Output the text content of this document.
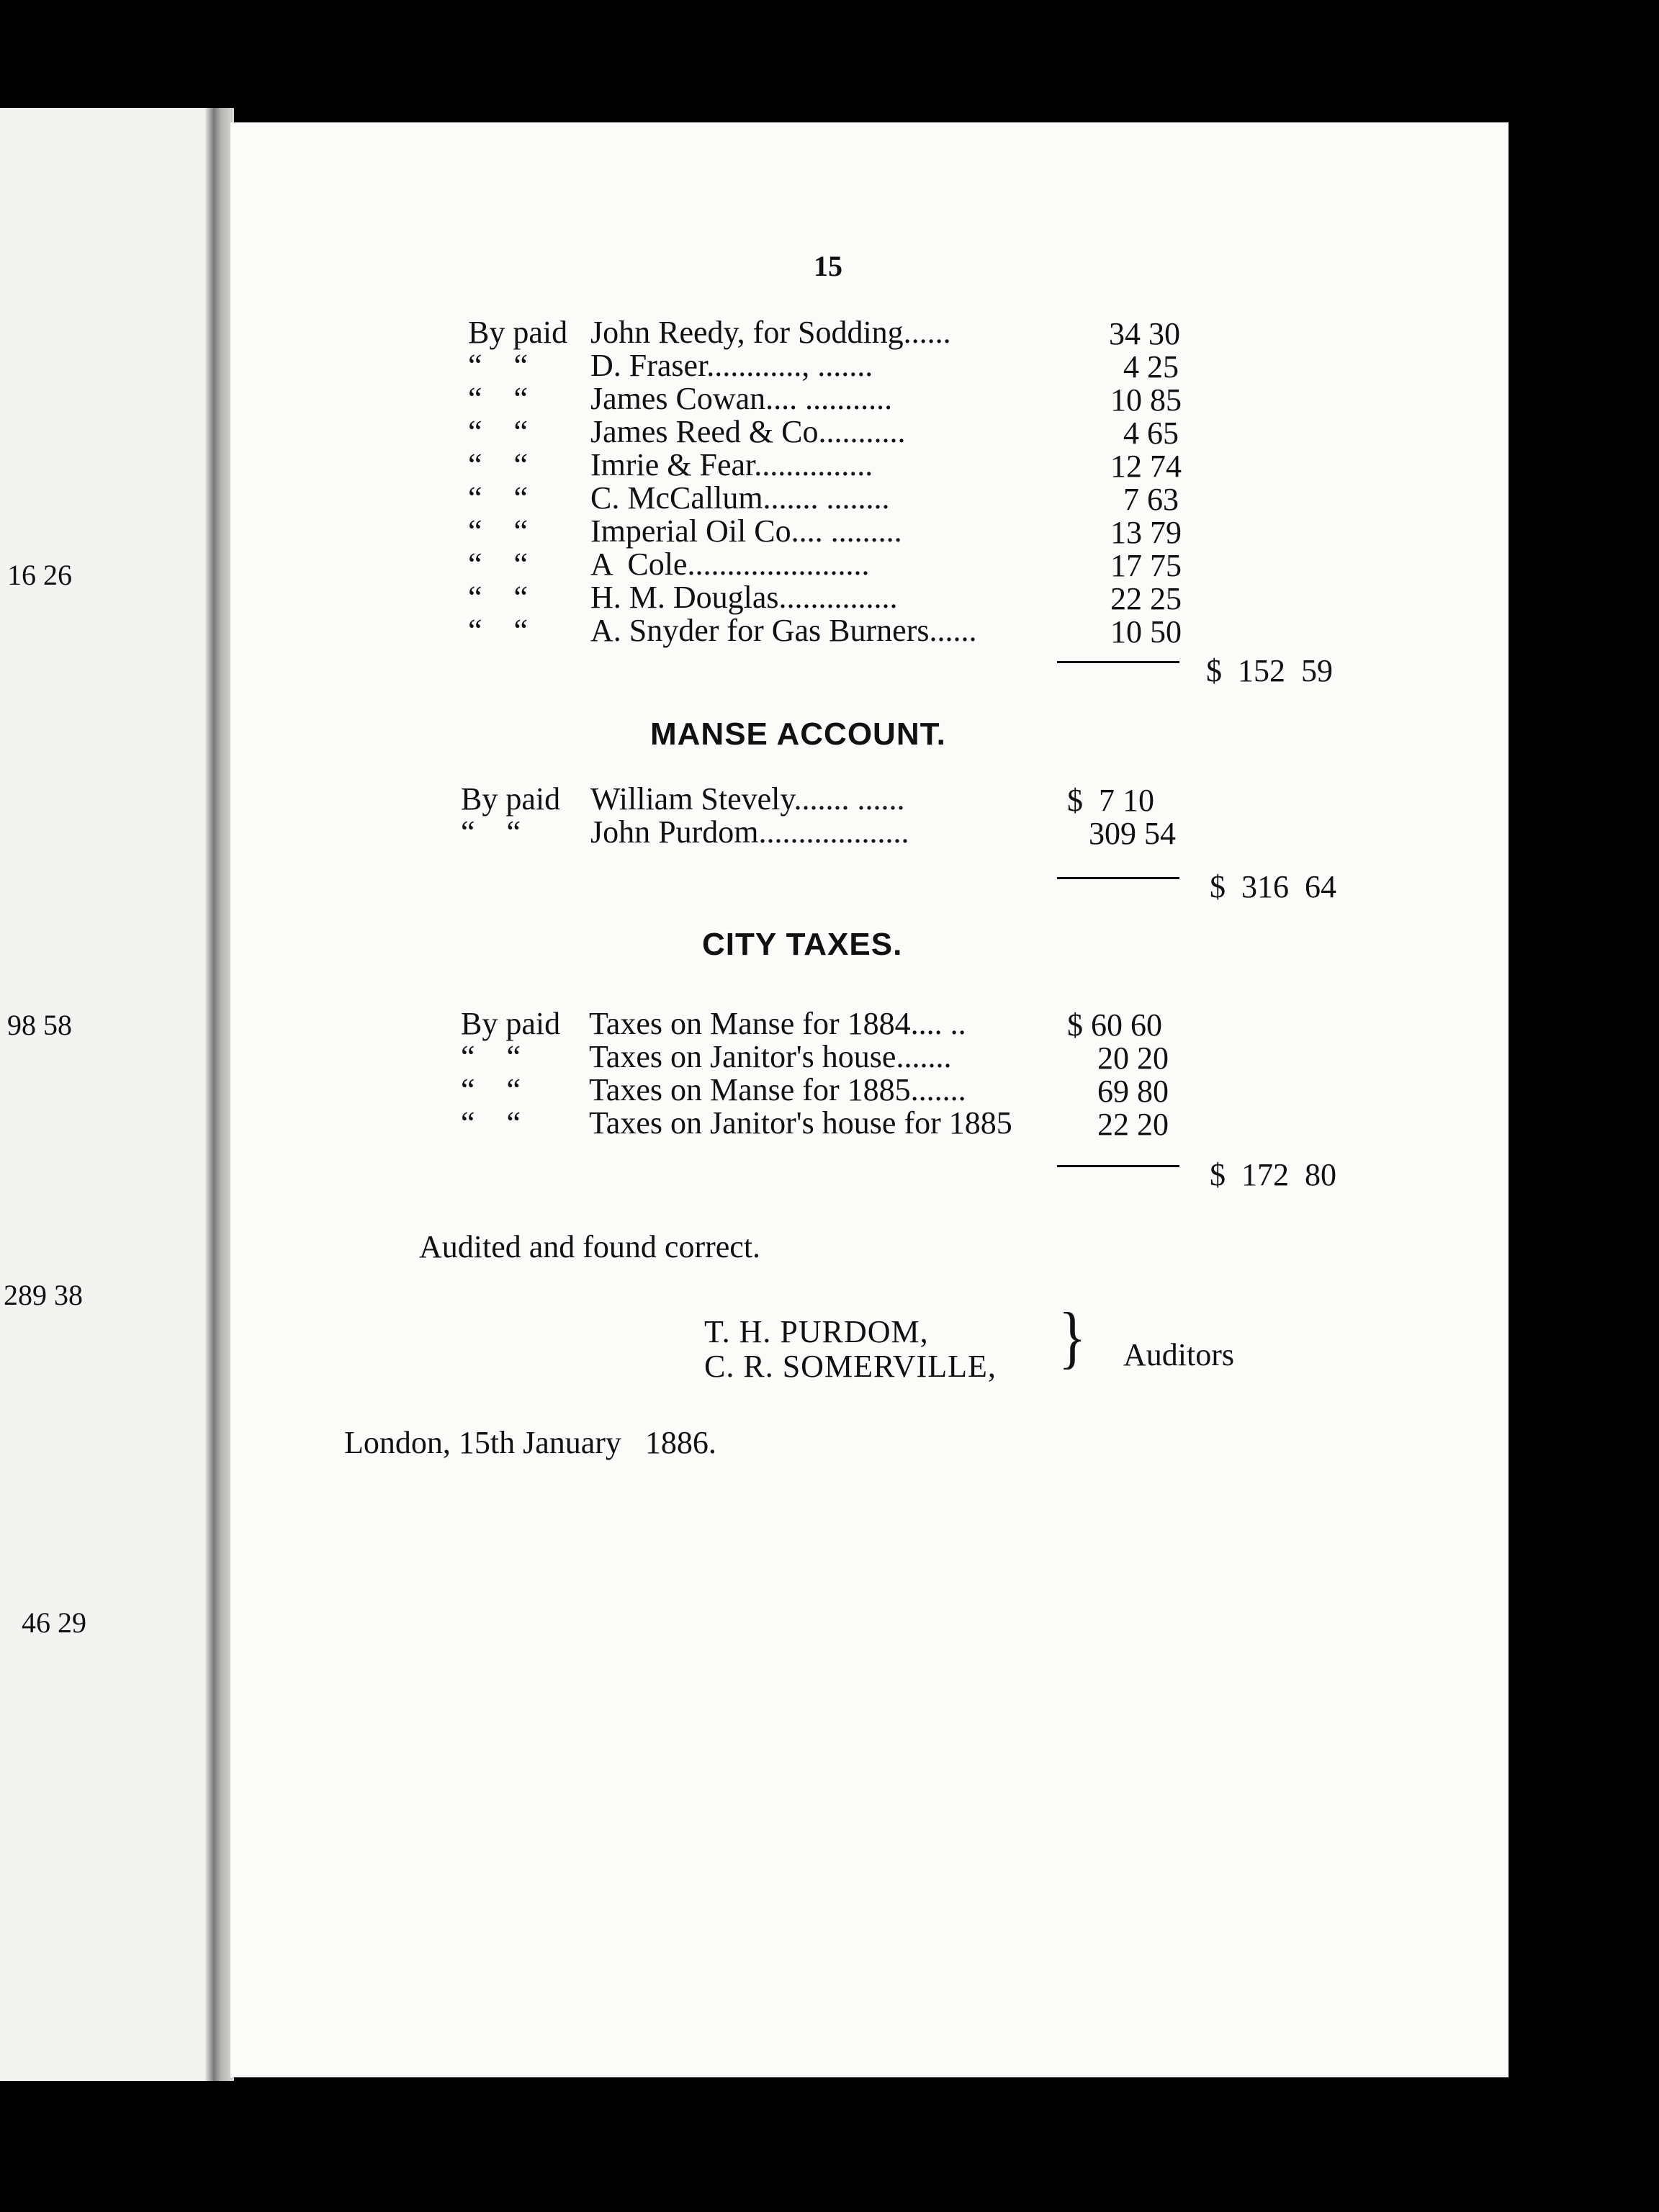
16 26
98 58
289 38
46 29
15
By paid John Reedy, for Sodding......	34 30
“    “ D. Fraser............, .......	4 25
“    “ James Cowan.... ...........	10 85
“    “ James Reed & Co...........	4 65
“    “ Imrie & Fear...............	12 74
“    “ C. McCallum....... ........	7 63
“    “ Imperial Oil Co.... .........	13 79
“    “ A  Cole.......................	17 75
“    “ H. M. Douglas...............	22 25
“    “ A. Snyder for Gas Burners......	10 50
$  152  59
MANSE ACCOUNT.
By paid William Stevely....... ......	$  7 10
“    “ John Purdom...................	309 54
$  316  64
CITY TAXES.
By paid Taxes on Manse for 1884.... ..	$ 60 60
“    “ Taxes on Janitor's house.......	20 20
“    “ Taxes on Manse for 1885.......	69 80
“    “ Taxes on Janitor's house for 1885	22 20
$  172  80
Audited and found correct.
T. H. PURDOM,
C. R. SOMERVILLE, } Auditors
London, 15th January   1886.
